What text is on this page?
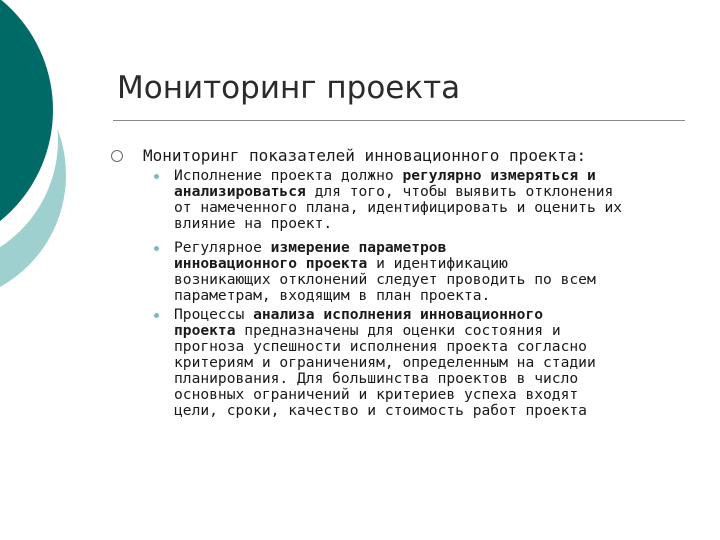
Мониторинг проекта
Мониторинг показателей инновационного проекта:
Исполнение проекта должно регулярно измеряться и
анализироваться для того, чтобы выявить отклонения
от намеченного плана, идентифицировать и оценить их
влияние на проект.
Регулярное измерение параметров
инновационного проекта и идентификацию
возникающих отклонений следует проводить по всем
параметрам, входящим в план проекта.
Процессы анализа исполнения инновационного
проекта предназначены для оценки состояния и
прогноза успешности исполнения проекта согласно
критериям и ограничениям, определенным на стадии
планирования. Для большинства проектов в число
основных ограничений и критериев успеха входят
цели, сроки, качество и стоимость работ проекта
